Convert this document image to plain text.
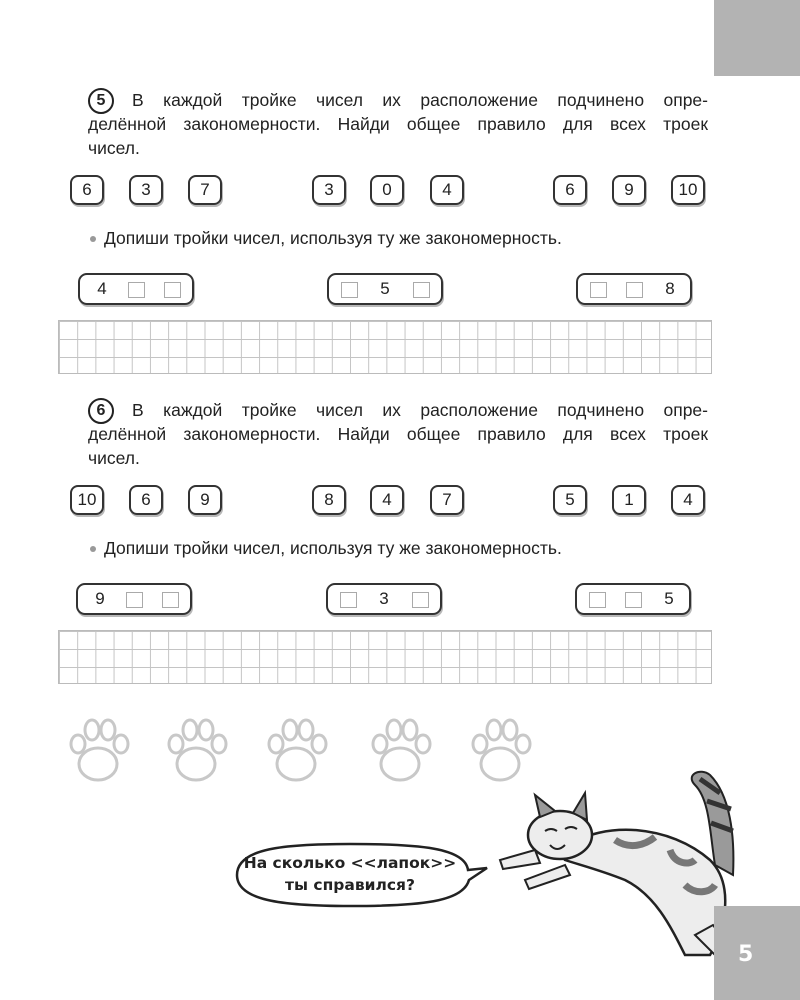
5	В каждой тройке чисел их расположение подчинено опре-

делённой закономерности. Найди общее правило для всех троек

чисел.

6	3	7	3	0	4	6	9	10
Допиши тройки чисел, используя ту же закономерность.
4	5	8
6	В каждой тройке чисел их расположение подчинено опре-

делённой закономерности. Найди общее правило для всех троек

чисел.

10	6	9	8	4	7	5	1	4
Допиши тройки чисел, используя ту же закономерность.
9	3	5
На сколько <<лапок>>
ты справился?
5
